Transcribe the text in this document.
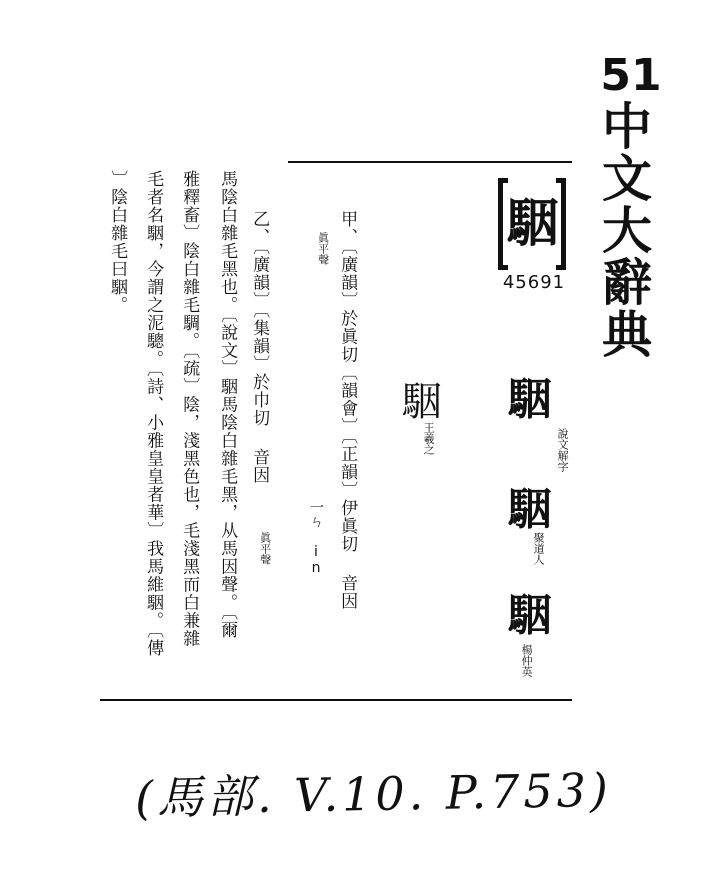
51
中文大辭典
駰
45691
駰
說文解字
駰
聚道人
駰
楊仲英
駰
王羲之
甲、〔廣韻〕於眞切〔韻會〕〔正韻〕伊眞切 音因
眞平聲
一ㄣ in
乙、〔廣韻〕〔集韻〕於巾切 音因
眞平聲
馬陰白雜毛黑也。〔說文〕駰馬陰白雜毛黑，从馬因聲。〔爾
雅釋畜〕陰白雜毛騆。〔疏〕陰，淺黑色也，毛淺黑而白兼雜
毛者名駰，今謂之泥驄。〔詩、小雅皇皇者華〕我馬維駰。〔傳
〕陰白雜毛曰駰。
(馬部. V.10. P.753)
